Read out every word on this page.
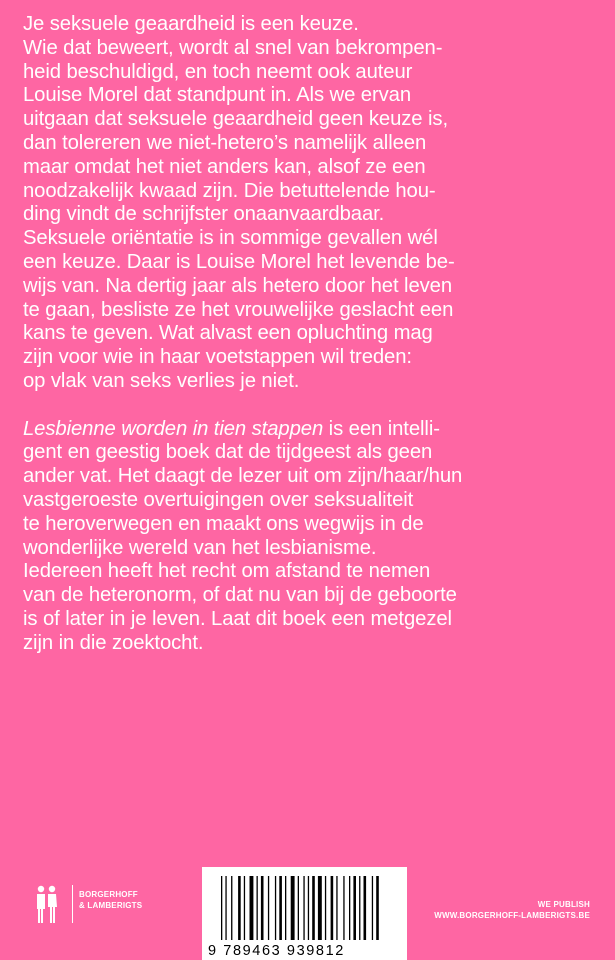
Je seksuele geaardheid is een keuze.
Wie dat beweert, wordt al snel van bekrompen-
heid beschuldigd, en toch neemt ook auteur
Louise Morel dat standpunt in. Als we ervan
uitgaan dat seksuele geaardheid geen keuze is,
dan tolereren we niet-hetero’s namelijk alleen
maar omdat het niet anders kan, alsof ze een
noodzakelijk kwaad zijn. Die betuttelende hou-
ding vindt de schrijfster onaanvaardbaar.
Seksuele oriëntatie is in sommige gevallen wél
een keuze. Daar is Louise Morel het levende be-
wijs van. Na dertig jaar als hetero door het leven
te gaan, besliste ze het vrouwelijke geslacht een
kans te geven. Wat alvast een opluchting mag
zijn voor wie in haar voetstappen wil treden:
op vlak van seks verlies je niet.
Lesbienne worden in tien stappen is een intelli-
gent en geestig boek dat de tijdgeest als geen
ander vat. Het daagt de lezer uit om zijn/haar/hun
vastgeroeste overtuigingen over seksualiteit
te heroverwegen en maakt ons wegwijs in de
wonderlijke wereld van het lesbianisme.
Iedereen heeft het recht om afstand te nemen
van de heteronorm, of dat nu van bij de geboorte
is of later in je leven. Laat dit boek een metgezel
zijn in die zoektocht.
BORGERHOFF
& LAMBERIGTS
9 789463 939812
WE PUBLISH
WWW.BORGERHOFF-LAMBERIGTS.BE
